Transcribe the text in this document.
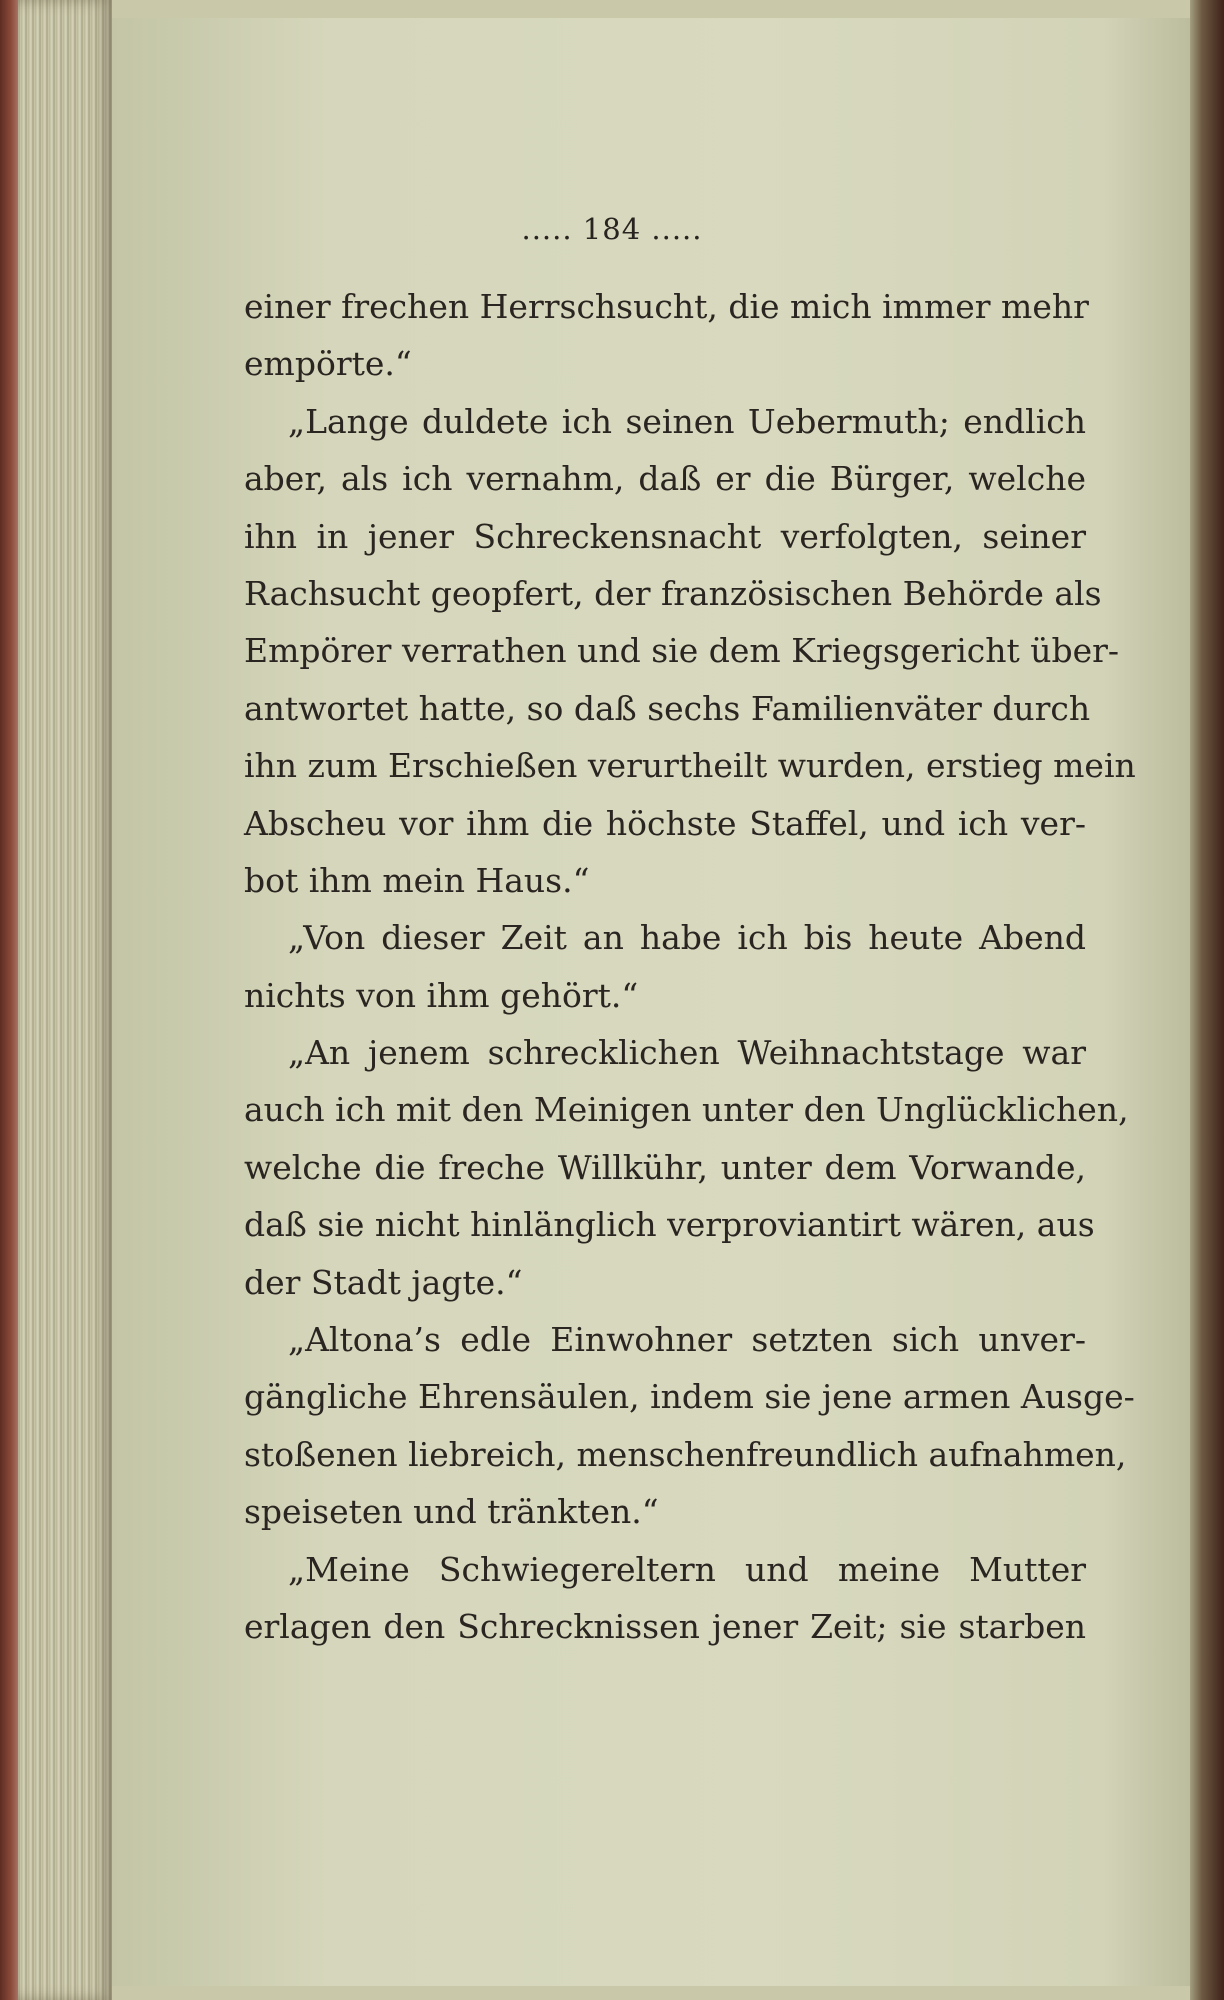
..... 184 .....

einer frechen Herrschsucht, die mich immer mehr
empörte.“
„Lange duldete ich seinen Uebermuth; endlich
aber, als ich vernahm, daß er die Bürger, welche
ihn in jener Schreckensnacht verfolgten, seiner
Rachsucht geopfert, der französischen Behörde als
Empörer verrathen und sie dem Kriegsgericht über-
antwortet hatte, so daß sechs Familienväter durch
ihn zum Erschießen verurtheilt wurden, erstieg mein
Abscheu vor ihm die höchste Staffel, und ich ver-
bot ihm mein Haus.“
„Von dieser Zeit an habe ich bis heute Abend
nichts von ihm gehört.“
„An jenem schrecklichen Weihnachtstage war
auch ich mit den Meinigen unter den Unglücklichen,
welche die freche Willkühr, unter dem Vorwande,
daß sie nicht hinlänglich verproviantirt wären, aus
der Stadt jagte.“
„Altona’s edle Einwohner setzten sich unver-
gängliche Ehrensäulen, indem sie jene armen Ausge-
stoßenen liebreich, menschenfreundlich aufnahmen,
speiseten und tränkten.“
„Meine Schwiegereltern und meine Mutter
erlagen den Schrecknissen jener Zeit; sie starben
